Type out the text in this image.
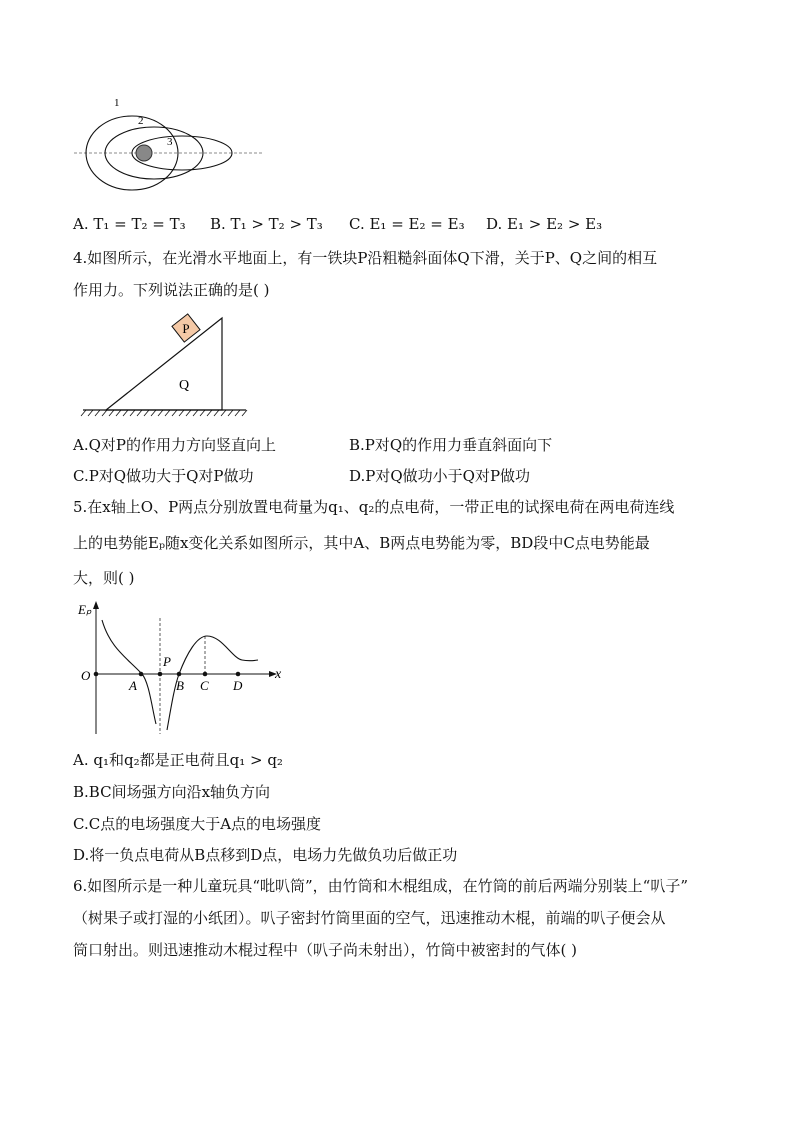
1
2
3
A. T₁ = T₂ = T₃ B. T₁ > T₂ > T₃ C. E₁ = E₂ = E₃ D. E₁ > E₂ > E₃
4.如图所示，在光滑水平地面上，有一铁块P沿粗糙斜面体Q下滑，关于P、Q之间的相互
作用力。下列说法正确的是( )
P
Q
A.Q对P的作用力方向竖直向上	B.P对Q的作用力垂直斜面向下
C.P对Q做功大于Q对P做功	D.P对Q做功小于Q对P做功
5.在x轴上O、P两点分别放置电荷量为q₁、q₂的点电荷，一带正电的试探电荷在两电荷连线
上的电势能Eₚ随x变化关系如图所示，其中A、B两点电势能为零，BD段中C点电势能最
大，则( )
Eₚ
x
O
A
P
B C D
A. q₁和q₂都是正电荷且q₁ > q₂
B.BC间场强方向沿x轴负方向
C.C点的电场强度大于A点的电场强度
D.将一负点电荷从B点移到D点，电场力先做负功后做正功
6.如图所示是一种儿童玩具“吡叭筒”，由竹筒和木棍组成，在竹筒的前后两端分别装上“叭子”
（树果子或打湿的小纸团）。叭子密封竹筒里面的空气，迅速推动木棍，前端的叭子便会从
筒口射出。则迅速推动木棍过程中（叭子尚未射出），竹筒中被密封的气体( )
